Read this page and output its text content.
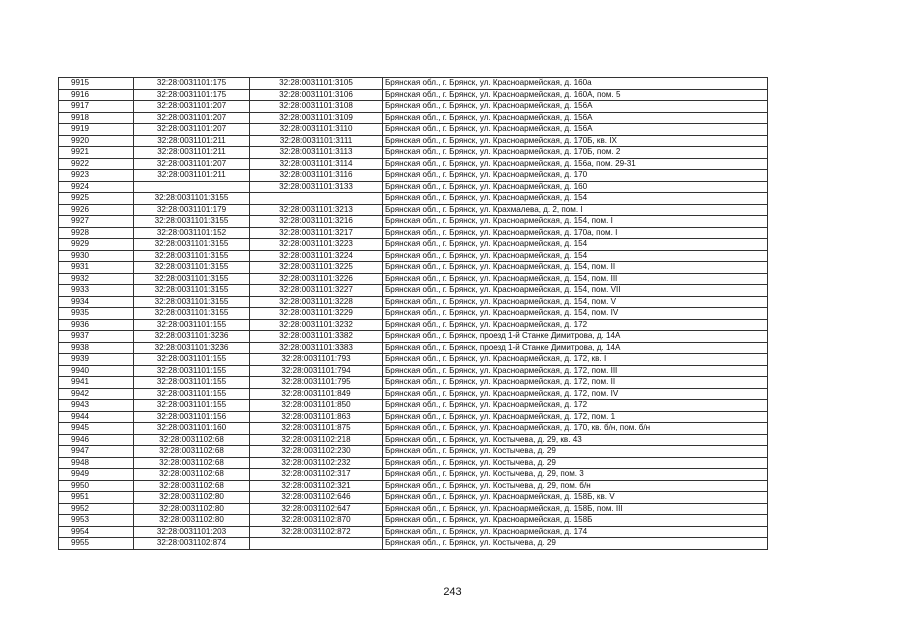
9915	32:28:0031101:175	32:28:0031101:3105	Брянская обл., г. Брянск, ул. Красноармейская, д. 160а
9916	32:28:0031101:175	32:28:0031101:3106	Брянская обл., г. Брянск, ул. Красноармейская, д. 160А, пом. 5
9917	32:28:0031101:207	32:28:0031101:3108	Брянская обл., г. Брянск, ул. Красноармейская, д. 156А
9918	32:28:0031101:207	32:28:0031101:3109	Брянская обл., г. Брянск, ул. Красноармейская, д. 156А
9919	32:28:0031101:207	32:28:0031101:3110	Брянская обл., г. Брянск, ул. Красноармейская, д. 156А
9920	32:28:0031101:211	32:28:0031101:3111	Брянская обл., г. Брянск, ул. Красноармейская, д. 170Б, кв. IX
9921	32:28:0031101:211	32:28:0031101:3113	Брянская обл., г. Брянск, ул. Красноармейская, д. 170Б, пом. 2
9922	32:28:0031101:207	32:28:0031101:3114	Брянская обл., г. Брянск, ул. Красноармейская, д. 156а, пом. 29-31
9923	32:28:0031101:211	32:28:0031101:3116	Брянская обл., г. Брянск, ул. Красноармейская, д. 170
9924		32:28:0031101:3133	Брянская обл., г. Брянск, ул. Красноармейская, д. 160
9925	32:28:0031101:3155		Брянская обл., г. Брянск, ул. Красноармейская, д. 154
9926	32:28:0031101:179	32:28:0031101:3213	Брянская обл., г. Брянск, ул. Крахмалева, д. 2, пом. I
9927	32:28:0031101:3155	32:28:0031101:3216	Брянская обл., г. Брянск, ул. Красноармейская, д. 154, пом. I
9928	32:28:0031101:152	32:28:0031101:3217	Брянская обл., г. Брянск, ул. Красноармейская, д. 170а, пом. I
9929	32:28:0031101:3155	32:28:0031101:3223	Брянская обл., г. Брянск, ул. Красноармейская, д. 154
9930	32:28:0031101:3155	32:28:0031101:3224	Брянская обл., г. Брянск, ул. Красноармейская, д. 154
9931	32:28:0031101:3155	32:28:0031101:3225	Брянская обл., г. Брянск, ул. Красноармейская, д. 154, пом. II
9932	32:28:0031101:3155	32:28:0031101:3226	Брянская обл., г. Брянск, ул. Красноармейская, д. 154, пом. III
9933	32:28:0031101:3155	32:28:0031101:3227	Брянская обл., г. Брянск, ул. Красноармейская, д. 154, пом. VII
9934	32:28:0031101:3155	32:28:0031101:3228	Брянская обл., г. Брянск, ул. Красноармейская, д. 154, пом. V
9935	32:28:0031101:3155	32:28:0031101:3229	Брянская обл., г. Брянск, ул. Красноармейская, д. 154, пом. IV
9936	32:28:0031101:155	32:28:0031101:3232	Брянская обл., г. Брянск, ул. Красноармейская, д. 172
9937	32:28:0031101:3236	32:28:0031101:3382	Брянская обл., г. Брянск, проезд 1-й Станке Димитрова, д. 14А
9938	32:28:0031101:3236	32:28:0031101:3383	Брянская обл., г. Брянск, проезд 1-й Станке Димитрова, д. 14А
9939	32:28:0031101:155	32:28:0031101:793	Брянская обл., г. Брянск, ул. Красноармейская, д. 172, кв. I
9940	32:28:0031101:155	32:28:0031101:794	Брянская обл., г. Брянск, ул. Красноармейская, д. 172, пом. III
9941	32:28:0031101:155	32:28:0031101:795	Брянская обл., г. Брянск, ул. Красноармейская, д. 172, пом. II
9942	32:28:0031101:155	32:28:0031101:849	Брянская обл., г. Брянск, ул. Красноармейская, д. 172, пом. IV
9943	32:28:0031101:155	32:28:0031101:850	Брянская обл., г. Брянск, ул. Красноармейская, д. 172
9944	32:28:0031101:156	32:28:0031101:863	Брянская обл., г. Брянск, ул. Красноармейская, д. 172, пом. 1
9945	32:28:0031101:160	32:28:0031101:875	Брянская обл., г. Брянск, ул. Красноармейская, д. 170, кв. б/н, пом. б/н
9946	32:28:0031102:68	32:28:0031102:218	Брянская обл., г. Брянск, ул. Костычева, д. 29, кв. 43
9947	32:28:0031102:68	32:28:0031102:230	Брянская обл., г. Брянск, ул. Костычева, д. 29
9948	32:28:0031102:68	32:28:0031102:232	Брянская обл., г. Брянск, ул. Костычева, д. 29
9949	32:28:0031102:68	32:28:0031102:317	Брянская обл., г. Брянск, ул. Костычева, д. 29, пом. 3
9950	32:28:0031102:68	32:28:0031102:321	Брянская обл., г. Брянск, ул. Костычева, д. 29, пом. б/н
9951	32:28:0031102:80	32:28:0031102:646	Брянская обл., г. Брянск, ул. Красноармейская, д. 158Б, кв. V
9952	32:28:0031102:80	32:28:0031102:647	Брянская обл., г. Брянск, ул. Красноармейская, д. 158Б, пом. III
9953	32:28:0031102:80	32:28:0031102:870	Брянская обл., г. Брянск, ул. Красноармейская, д. 158Б
9954	32:28:0031101:203	32:28:0031102:872	Брянская обл., г. Брянск, ул. Красноармейская, д. 174
9955	32:28:0031102:874		Брянская обл., г. Брянск, ул. Костычева, д. 29
243
